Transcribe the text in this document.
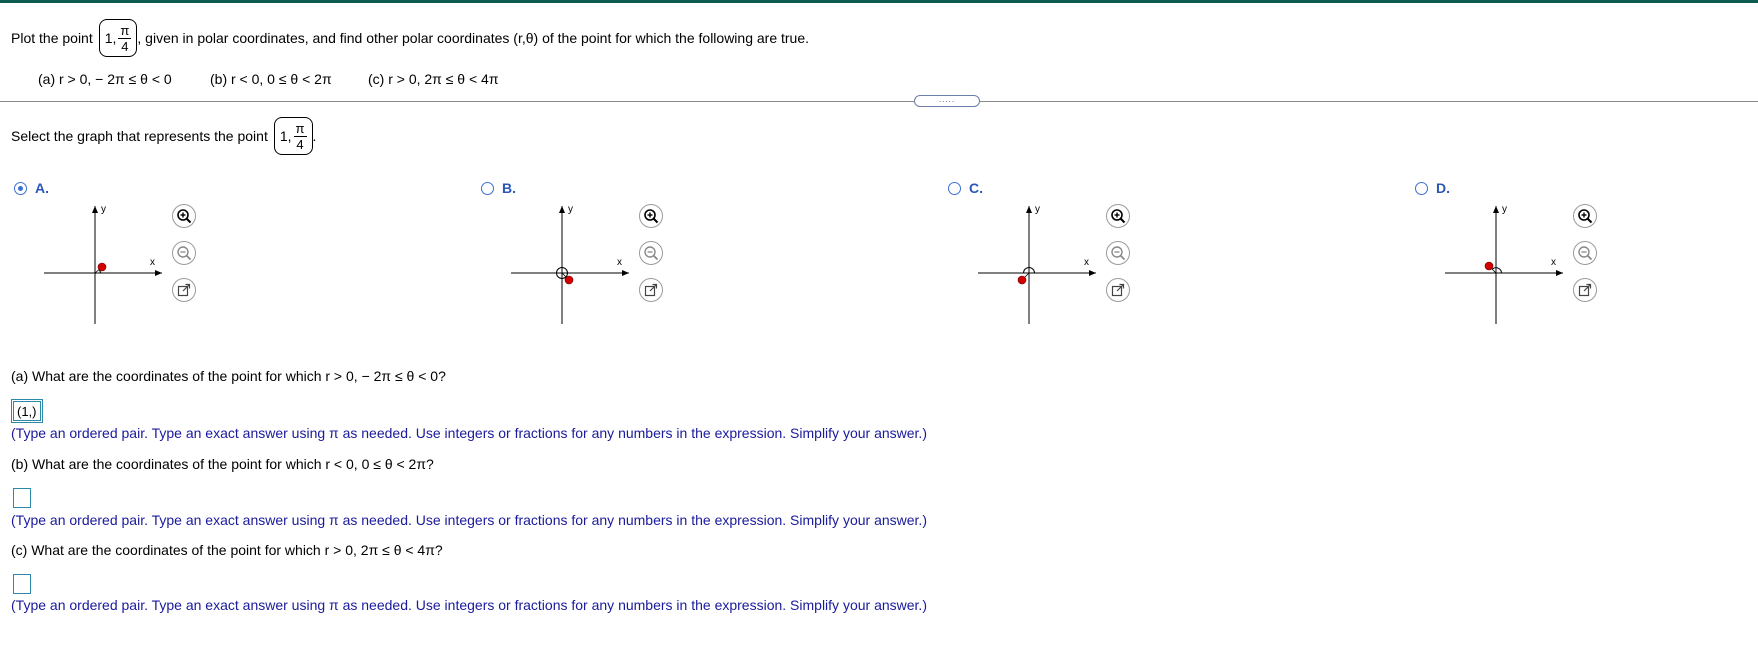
Plot the point 1, $\frac{\pi}{4}$ , given in polar coordinates, and find other polar coordinates (r,θ) of the point for which the following are true.
(a) r > 0, − 2π ≤ θ < 0	(b) r < 0, 0 ≤ θ < 2π	(c) r > 0, 2π ≤ θ < 4π
.....
Select the graph that represents the point 1, $\frac{\pi}{4}$ .
A.	B.	C.	D.
y
x
y
x
y
x
y
x
(a) What are the coordinates of the point for which r > 0, − 2π ≤ θ < 0?
(1,)
(Type an ordered pair. Type an exact answer using π as needed. Use integers or fractions for any numbers in the expression. Simplify your answer.)
(b) What are the coordinates of the point for which r < 0, 0 ≤ θ < 2π?
(Type an ordered pair. Type an exact answer using π as needed. Use integers or fractions for any numbers in the expression. Simplify your answer.)
(c) What are the coordinates of the point for which r > 0, 2π ≤ θ < 4π?
(Type an ordered pair. Type an exact answer using π as needed. Use integers or fractions for any numbers in the expression. Simplify your answer.)
